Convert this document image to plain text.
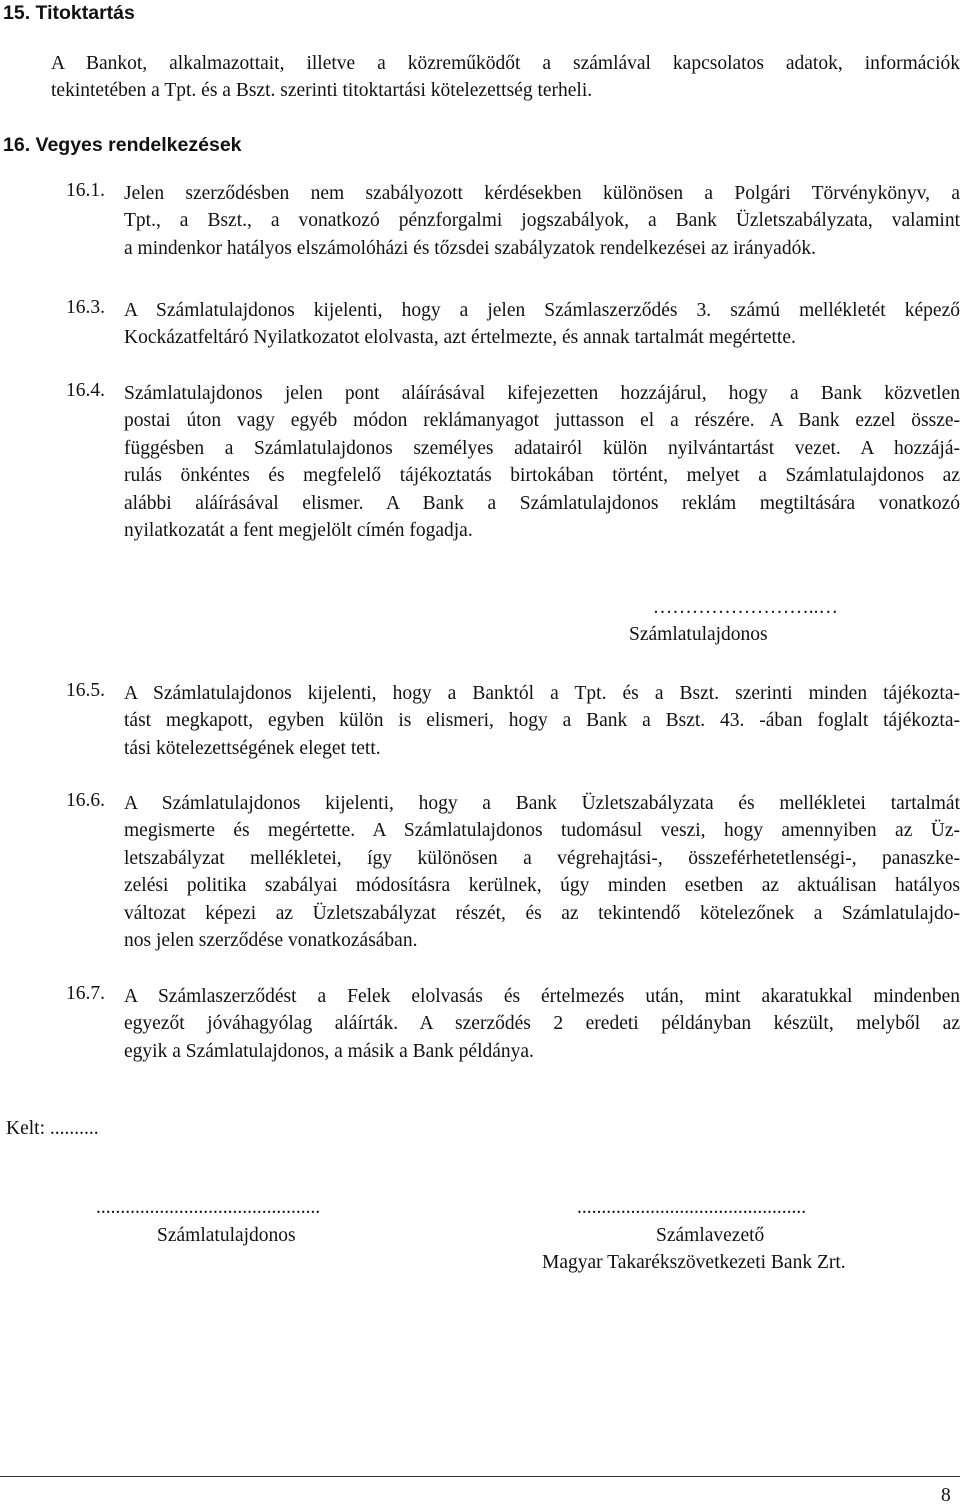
15. Titoktartás
A Bankot, alkalmazottait, illetve a közreműködőt a számlával kapcsolatos adatok, információk
tekintetében a Tpt. és a Bszt. szerinti titoktartási kötelezettség terheli.
16. Vegyes rendelkezések
16.1. Jelen szerződésben nem szabályozott kérdésekben különösen a Polgári Törvénykönyv, a
Tpt., a Bszt., a vonatkozó pénzforgalmi jogszabályok, a Bank Üzletszabályzata, valamint
a mindenkor hatályos elszámolóházi és tőzsdei szabályzatok rendelkezései az irányadók.
16.3. A Számlatulajdonos kijelenti, hogy a jelen Számlaszerződés 3. számú mellékletét képező
Kockázatfeltáró Nyilatkozatot elolvasta, azt értelmezte, és annak tartalmát megértette.
16.4. Számlatulajdonos jelen pont aláírásával kifejezetten hozzájárul, hogy a Bank közvetlen
postai úton vagy egyéb módon reklámanyagot juttasson el a részére. A Bank ezzel össze-
függésben a Számlatulajdonos személyes adatairól külön nyilvántartást vezet. A hozzájá-
rulás önkéntes és megfelelő tájékoztatás birtokában történt, melyet a Számlatulajdonos az
alábbi aláírásával elismer. A Bank a Számlatulajdonos reklám megtiltására vonatkozó
nyilatkozatát a fent megjelölt címén fogadja.
……………………..…
Számlatulajdonos
16.5. A Számlatulajdonos kijelenti, hogy a Banktól a Tpt. és a Bszt. szerinti minden tájékozta-
tást megkapott, egyben külön is elismeri, hogy a Bank a Bszt. 43. -ában foglalt tájékozta-
tási kötelezettségének eleget tett.
16.6. A Számlatulajdonos kijelenti, hogy a Bank Üzletszabályzata és mellékletei tartalmát
megismerte és megértette. A Számlatulajdonos tudomásul veszi, hogy amennyiben az Üz-
letszabályzat mellékletei, így különösen a végrehajtási-, összeférhetetlenségi-, panaszke-
zelési politika szabályai módosításra kerülnek, úgy minden esetben az aktuálisan hatályos
változat képezi az Üzletszabályzat részét, és az tekintendő kötelezőnek a Számlatulajdo-
nos jelen szerződése vonatkozásában.
16.7. A Számlaszerződést a Felek elolvasás és értelmezés után, mint akaratukkal mindenben
egyezőt jóváhagyólag aláírták. A szerződés 2 eredeti példányban készült, melyből az
egyik a Számlatulajdonos, a másik a Bank példánya.
Kelt: ..........
..............................................
Számlatulajdonos
...............................................
Számlavezető
Magyar Takarékszövetkezeti Bank Zrt.
8
